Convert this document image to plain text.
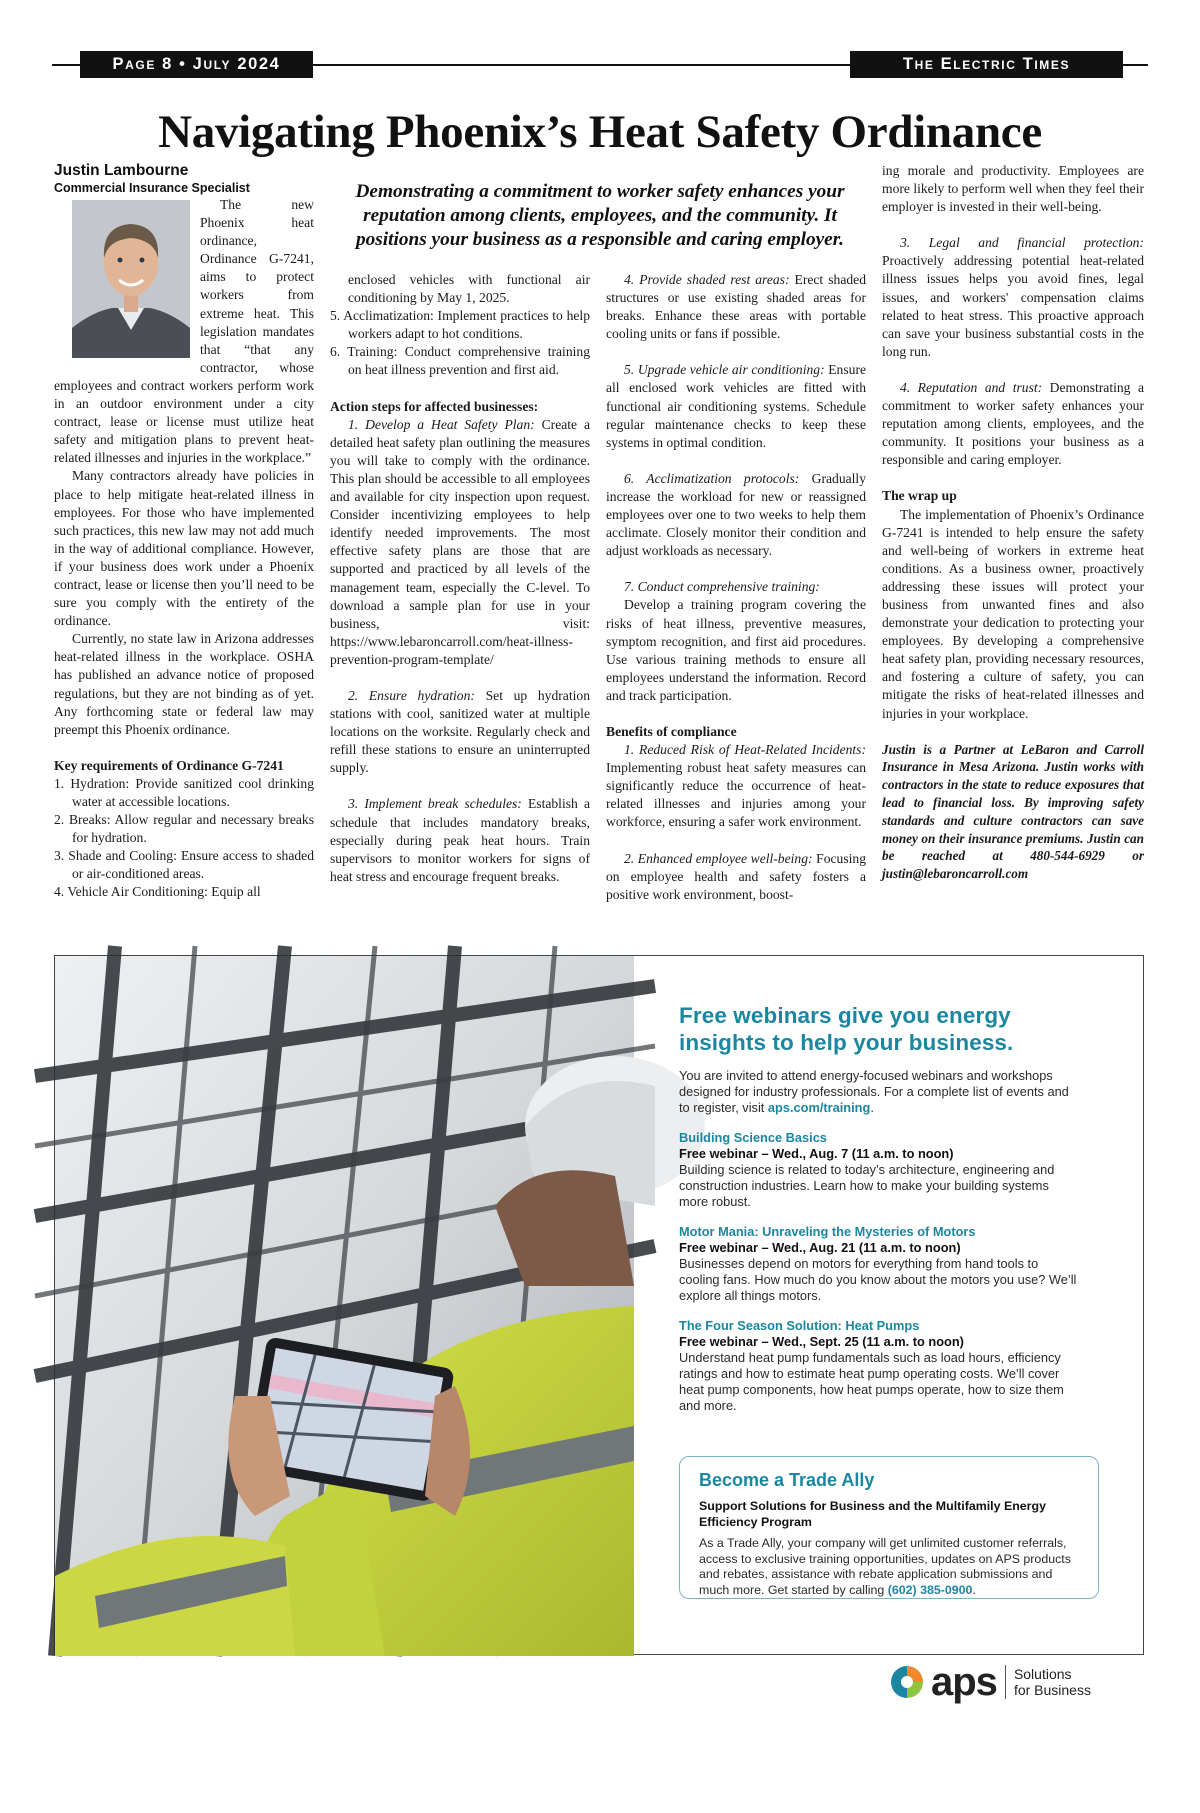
Page 8 • July 2024	The Electric Times
Navigating Phoenix’s Heat Safety Ordinance
Demonstrating a commitment to worker safety enhances your reputation among clients, employees, and the community. It positions your business as a responsible and caring employer.
Justin Lambourne
Commercial Insurance Specialist

The new Phoenix heat ordinance, Ordinance G-7241, aims to protect workers from extreme heat. This legislation mandates that “that any contractor, whose employees and contract workers perform work in an outdoor environment under a city contract, lease or license must utilize heat safety and mitigation plans to prevent heat-related illnesses and injuries in the workplace.”

Many contractors already have policies in place to help mitigate heat-related illness in employees. For those who have implemented such practices, this new law may not add much in the way of additional compliance. However, if your business does work under a Phoenix contract, lease or license then you’ll need to be sure you comply with the entirety of the ordinance.

Currently, no state law in Arizona addresses heat-related illness in the workplace. OSHA has published an advance notice of proposed regulations, but they are not binding as of yet. Any forthcoming state or federal law may preempt this Phoenix ordinance.

Key requirements of Ordinance G-7241

1. Hydration: Provide sanitized cool drinking water at accessible locations.
2. Breaks: Allow regular and necessary breaks for hydration.
3. Shade and Cooling: Ensure access to shaded or air-conditioned areas.
4. Vehicle Air Conditioning: Equip all
enclosed vehicles with functional air conditioning by May 1, 2025.
5. Acclimatization: Implement practices to help workers adapt to hot conditions.
6. Training: Conduct comprehensive training on heat illness prevention and first aid.

Action steps for affected businesses:

1. Develop a Heat Safety Plan: Create a detailed heat safety plan outlining the measures you will take to comply with the ordinance. This plan should be accessible to all employees and available for city inspection upon request. Consider incentivizing employees to help identify needed improvements. The most effective safety plans are those that are supported and practiced by all levels of the management team, especially the C-level. To download a sample plan for use in your business, visit: https://www.lebaroncarroll.com/heat-illness-prevention-program-template/

2. Ensure hydration: Set up hydration stations with cool, sanitized water at multiple locations on the worksite. Regularly check and refill these stations to ensure an uninterrupted supply.

3. Implement break schedules: Establish a schedule that includes mandatory breaks, especially during peak heat hours. Train supervisors to monitor workers for signs of heat stress and encourage frequent breaks.

4. Provide shaded rest areas: Erect shaded structures or use existing shaded areas for breaks. Enhance these areas with portable cooling units or fans if possible.

5. Upgrade vehicle air conditioning: Ensure all enclosed work vehicles are fitted with functional air conditioning systems. Schedule regular maintenance checks to keep these systems in optimal condition.

6. Acclimatization protocols: Gradually increase the workload for new or reassigned employees over one to two weeks to help them acclimate. Closely monitor their condition and adjust workloads as necessary.

7. Conduct comprehensive training:
Develop a training program covering the risks of heat illness, preventive measures, symptom recognition, and first aid procedures. Use various training methods to ensure all employees understand the information. Record and track participation.

Benefits of compliance

1. Reduced Risk of Heat-Related Incidents: Implementing robust heat safety measures can significantly reduce the occurrence of heat-related illnesses and injuries among your workforce, ensuring a safer work environment.

2. Enhanced employee well-being: Focusing on employee health and safety fosters a positive work environment, boost-

ing morale and productivity. Employees are more likely to perform well when they feel their employer is invested in their well-being.

3. Legal and financial protection: Proactively addressing potential heat-related illness issues helps you avoid fines, legal issues, and workers' compensation claims related to heat stress. This proactive approach can save your business substantial costs in the long run.

4. Reputation and trust: Demonstrating a commitment to worker safety enhances your reputation among clients, employees, and the community. It positions your business as a responsible and caring employer.

The wrap up

The implementation of Phoenix’s Ordinance G-7241 is intended to help ensure the safety and well-being of workers in extreme heat conditions. As a business owner, proactively addressing these issues will protect your business from unwanted fines and also demonstrate your dedication to protecting your employees. By developing a comprehensive heat safety plan, providing necessary resources, and fostering a culture of safety, you can mitigate the risks of heat-related illnesses and injuries in your workplace.

Justin is a Partner at LeBaron and Carroll Insurance in Mesa Arizona. Justin works with contractors in the state to reduce exposures that lead to financial loss. By improving safety standards and culture contractors can save money on their insurance premiums. Justin can be reached at 480-544-6929 or justin@lebaroncarroll.com

Free webinars give you energy insights to help your business.
You are invited to attend energy-focused webinars and workshops designed for industry professionals. For a complete list of events and to register, visit aps.com/training.
Building Science Basics
Free webinar – Wed., Aug. 7 (11 a.m. to noon)
Building science is related to today’s architecture, engineering and construction industries. Learn how to make your building systems more robust.
Motor Mania: Unraveling the Mysteries of Motors
Free webinar – Wed., Aug. 21 (11 a.m. to noon)
Businesses depend on motors for everything from hand tools to cooling fans. How much do you know about the motors you use? We’ll explore all things motors.
The Four Season Solution: Heat Pumps
Free webinar – Wed., Sept. 25 (11 a.m. to noon)
Understand heat pump fundamentals such as load hours, efficiency ratings and how to estimate heat pump operating costs. We’ll cover heat pump components, how heat pumps operate, how to size them and more.
Become a Trade Ally
Support Solutions for Business and the Multifamily Energy Efficiency Program
As a Trade Ally, your company will get unlimited customer referrals, access to exclusive training opportunities, updates on APS products and rebates, assistance with rebate application submissions and much more. Get started by calling (602) 385-0900.
aps Solutions
for Business
